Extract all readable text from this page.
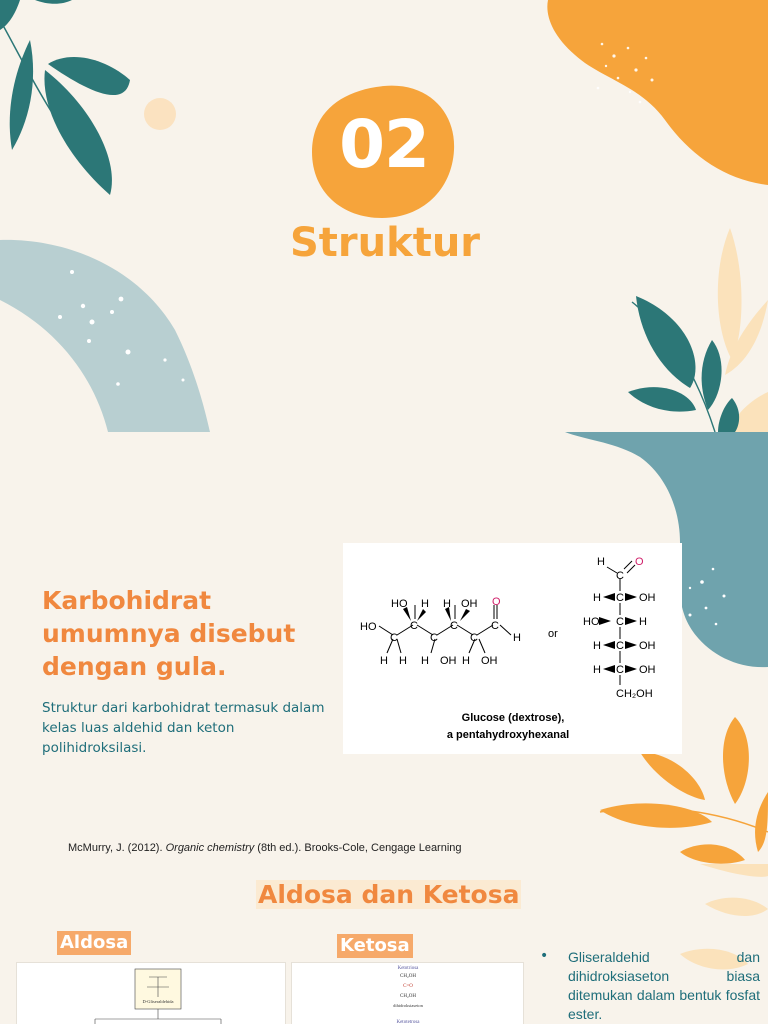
02
Struktur

Karbohidrat umumnya disebut dengan gula.

Struktur dari karbohidrat termasuk dalam kelas luas aldehid dan keton polihidroksilasi.

HO H H OH O
HO
C
C
C
C
C
C
H
H H H OH H OH
or
H
C
O
H C OH
HO C H
H C OH
H C OH
CH₂OH
Glucose (dextrose),
a pentahydroxyhexanal
McMurry, J. (2012). Organic chemistry (8th ed.). Brooks-Cole, Cengage Learning
Aldosa dan Ketosa
Aldosa	Ketosa
D-Gliseraldehida
Ketotriosa
CH₂OH
C=O
CH₂OH
dihidroksiaseton
Ketotetrosa
• Gliseraldehid dan dihidroksiaseton biasa ditemukan dalam bentuk fosfat ester.
